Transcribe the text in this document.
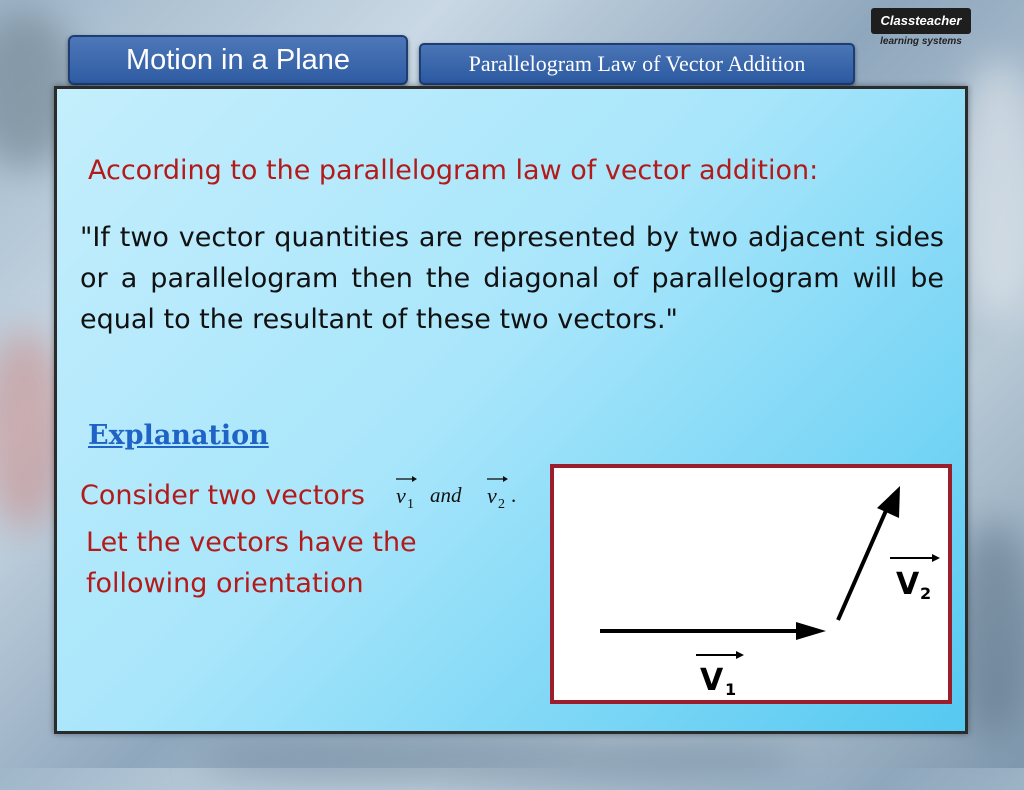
Motion in a Plane	Parallelogram Law of Vector Addition
Classteacher
learning systems
According to the parallelogram law of vector addition:
"If two vector quantities are represented by two adjacent sides or a parallelogram then the diagonal of parallelogram will be equal to the resultant of these two vectors."
Explanation
Consider two vectors v 1 and v 2 .
Let the vectors have the following orientation	V 2
V 1
